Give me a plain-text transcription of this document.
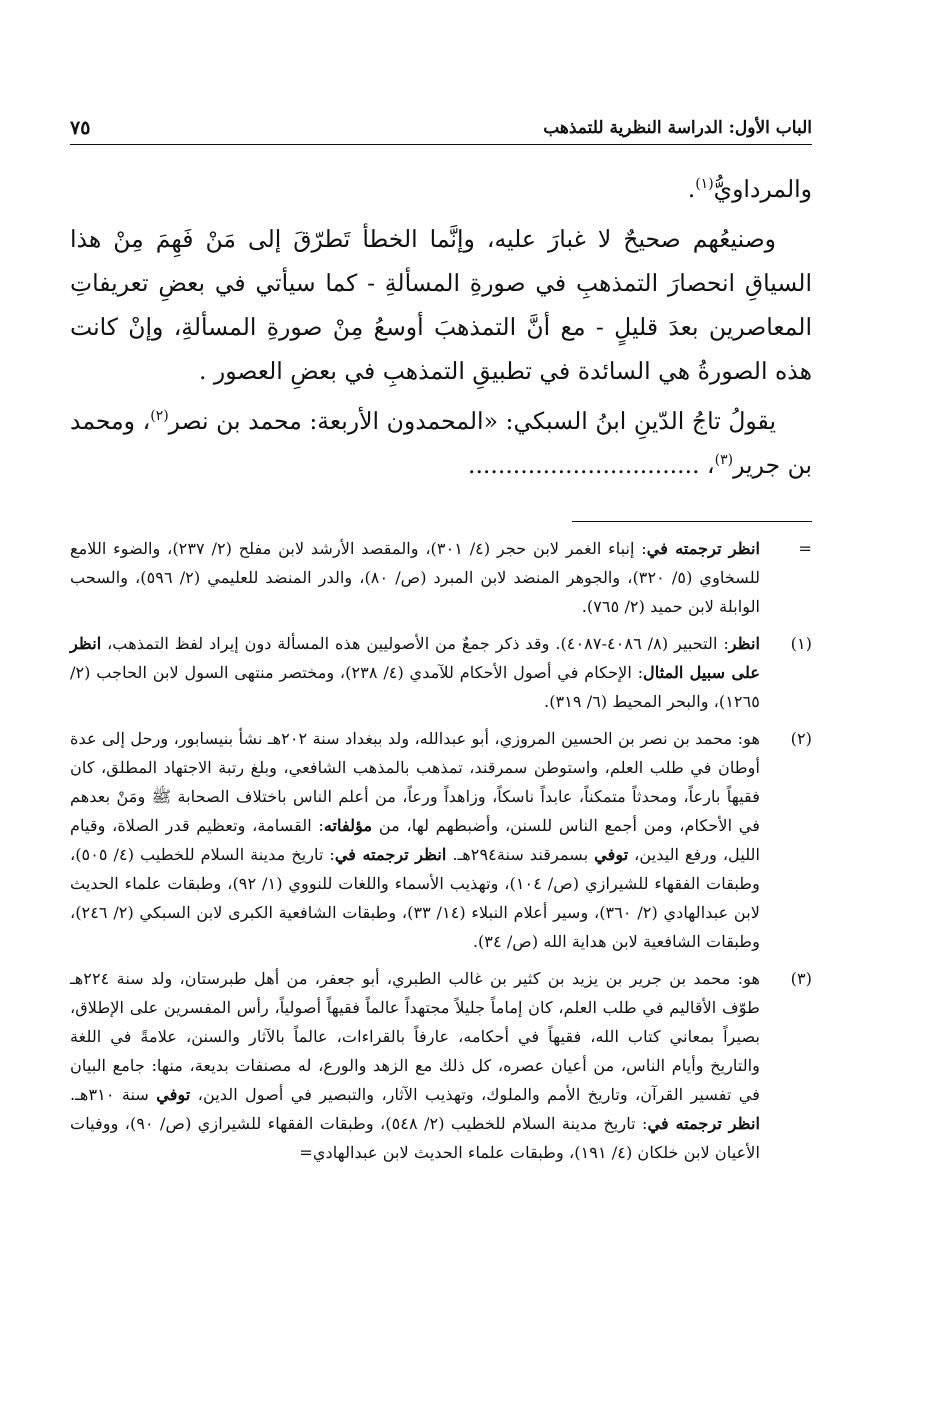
الباب الأول: الدراسة النظرية للتمذهب
٧٥

والمرداويُّ$^{(١)}$.

وصنيعُهم صحيحٌ لا غبارَ عليه، وإنَّما الخطأ تَطرّقَ إلى مَنْ فَهِمَ مِنْ هذا السياقِ انحصارَ التمذهبِ في صورةِ المسألةِ - كما سيأتي في بعضِ تعريفاتِ المعاصرين بعدَ قليلٍ - مع أنَّ التمذهبَ أوسعُ مِنْ صورةِ المسألةِ، وإنْ كانت هذه الصورةُ هي السائدة في تطبيقِ التمذهبِ في بعضِ العصور .

يقولُ تاجُ الدّينِ ابنُ السبكي: «المحمدون الأربعة: محمد بن نصر$^{(٢)}$، ومحمد بن جرير$^{(٣)}$، ...............................

=
انظر ترجمته في: إنباء الغمر لابن حجر (٤/ ٣٠١)، والمقصد الأرشد لابن مفلح (٢/ ٢٣٧)، والضوء اللامع للسخاوي (٥/ ٣٢٠)، والجوهر المنضد لابن المبرد (ص/ ٨٠)، والدر المنضد للعليمي (٢/ ٥٩٦)، والسحب الوابلة لابن حميد (٢/ ٧٦٥).
(١)
انظر: التحبير (٨/ ٤٠٨٦-٤٠٨٧). وقد ذكر جمعٌ من الأصوليين هذه المسألة دون إيراد لفظ التمذهب، انظر على سبيل المثال: الإحكام في أصول الأحكام للآمدي (٤/ ٢٣٨)، ومختصر منتهى السول لابن الحاجب (٢/ ١٢٦٥)، والبحر المحيط (٦/ ٣١٩).
(٢)
هو: محمد بن نصر بن الحسين المروزي، أبو عبدالله، ولد ببغداد سنة ٢٠٢هـ نشأ بنيسابور، ورحل إلى عدة أوطان في طلب العلم، واستوطن سمرقند، تمذهب بالمذهب الشافعي، وبلغ رتبة الاجتهاد المطلق، كان فقيهاً بارعاً، ومحدثاً متمكناً، عابداً ناسكاً، وزاهداً ورعاً، من أعلم الناس باختلاف الصحابة ﷺ ومَنْ بعدهم في الأحكام، ومن أجمع الناس للسنن، وأضبطهم لها، من مؤلفاته: القسامة، وتعظيم قدر الصلاة، وقيام الليل، ورفع اليدين، توفي بسمرقند سنة٢٩٤هـ. انظر ترجمته في: تاريخ مدينة السلام للخطيب (٤/ ٥٠٥)، وطبقات الفقهاء للشيرازي (ص/ ١٠٤)، وتهذيب الأسماء واللغات للنووي (١/ ٩٢)، وطبقات علماء الحديث لابن عبدالهادي (٢/ ٣٦٠)، وسير أعلام النبلاء (١٤/ ٣٣)، وطبقات الشافعية الكبرى لابن السبكي (٢/ ٢٤٦)، وطبقات الشافعية لابن هداية الله (ص/ ٣٤).
(٣)
هو: محمد بن جرير بن يزيد بن كثير بن غالب الطبري، أبو جعفر، من أهل طبرستان، ولد سنة ٢٢٤هـ طوّف الأقاليم في طلب العلم، كان إماماً جليلاً مجتهداً عالماً فقيهاً أصولياً، رأس المفسرين على الإطلاق، بصيراً بمعاني كتاب الله، فقيهاً في أحكامه، عارفاً بالقراءات، عالماً بالآثار والسنن، علامةً في اللغة والتاريخ وأيام الناس، من أعيان عصره، كل ذلك مع الزهد والورع، له مصنفات بديعة، منها: جامع البيان في تفسير القرآن، وتاريخ الأمم والملوك، وتهذيب الآثار، والتبصير في أصول الدين، توفي سنة ٣١٠هـ. انظر ترجمته في: تاريخ مدينة السلام للخطيب (٢/ ٥٤٨)، وطبقات الفقهاء للشيرازي (ص/ ٩٠)، ووفيات الأعيان لابن خلكان (٤/ ١٩١)، وطبقات علماء الحديث لابن عبدالهادي=
